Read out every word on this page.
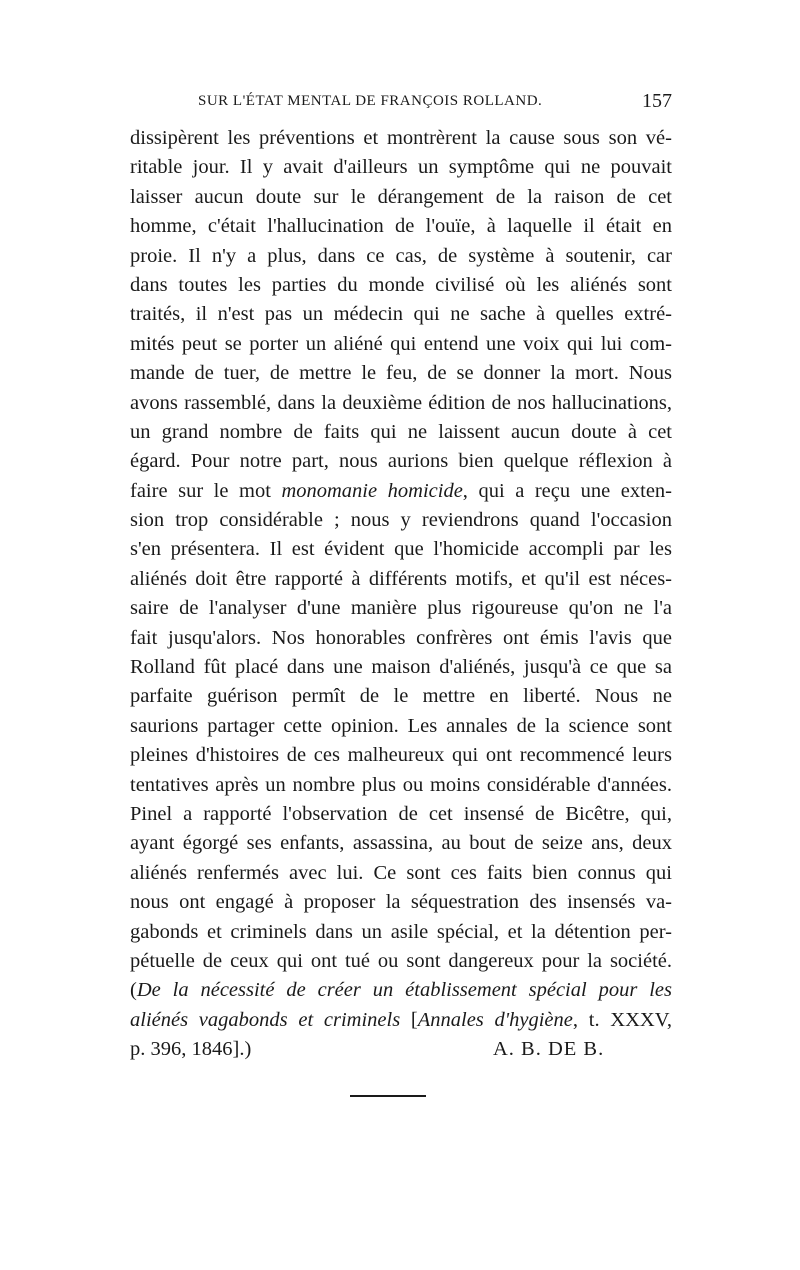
SUR L'ÉTAT MENTAL DE FRANÇOIS ROLLAND.	157
dissipèrent les préventions et montrèrent la cause sous son vé-
ritable jour. Il y avait d'ailleurs un symptôme qui ne pouvait
laisser aucun doute sur le dérangement de la raison de cet
homme, c'était l'hallucination de l'ouïe, à laquelle il était en
proie. Il n'y a plus, dans ce cas, de système à soutenir, car
dans toutes les parties du monde civilisé où les aliénés sont
traités, il n'est pas un médecin qui ne sache à quelles extré-
mités peut se porter un aliéné qui entend une voix qui lui com-
mande de tuer, de mettre le feu, de se donner la mort. Nous
avons rassemblé, dans la deuxième édition de nos hallucinations,
un grand nombre de faits qui ne laissent aucun doute à cet
égard. Pour notre part, nous aurions bien quelque réflexion à
faire sur le mot monomanie homicide, qui a reçu une exten-
sion trop considérable ; nous y reviendrons quand l'occasion
s'en présentera. Il est évident que l'homicide accompli par les
aliénés doit être rapporté à différents motifs, et qu'il est néces-
saire de l'analyser d'une manière plus rigoureuse qu'on ne l'a
fait jusqu'alors. Nos honorables confrères ont émis l'avis que
Rolland fût placé dans une maison d'aliénés, jusqu'à ce que sa
parfaite guérison permît de le mettre en liberté. Nous ne
saurions partager cette opinion. Les annales de la science sont
pleines d'histoires de ces malheureux qui ont recommencé leurs
tentatives après un nombre plus ou moins considérable d'années.
Pinel a rapporté l'observation de cet insensé de Bicêtre, qui,
ayant égorgé ses enfants, assassina, au bout de seize ans, deux
aliénés renfermés avec lui. Ce sont ces faits bien connus qui
nous ont engagé à proposer la séquestration des insensés va-
gabonds et criminels dans un asile spécial, et la détention per-
pétuelle de ceux qui ont tué ou sont dangereux pour la société.
(De la nécessité de créer un établissement spécial pour les
aliénés vagabonds et criminels [Annales d'hygiène, t. XXXV,
p. 396, 1846].)	A. B. DE B.
